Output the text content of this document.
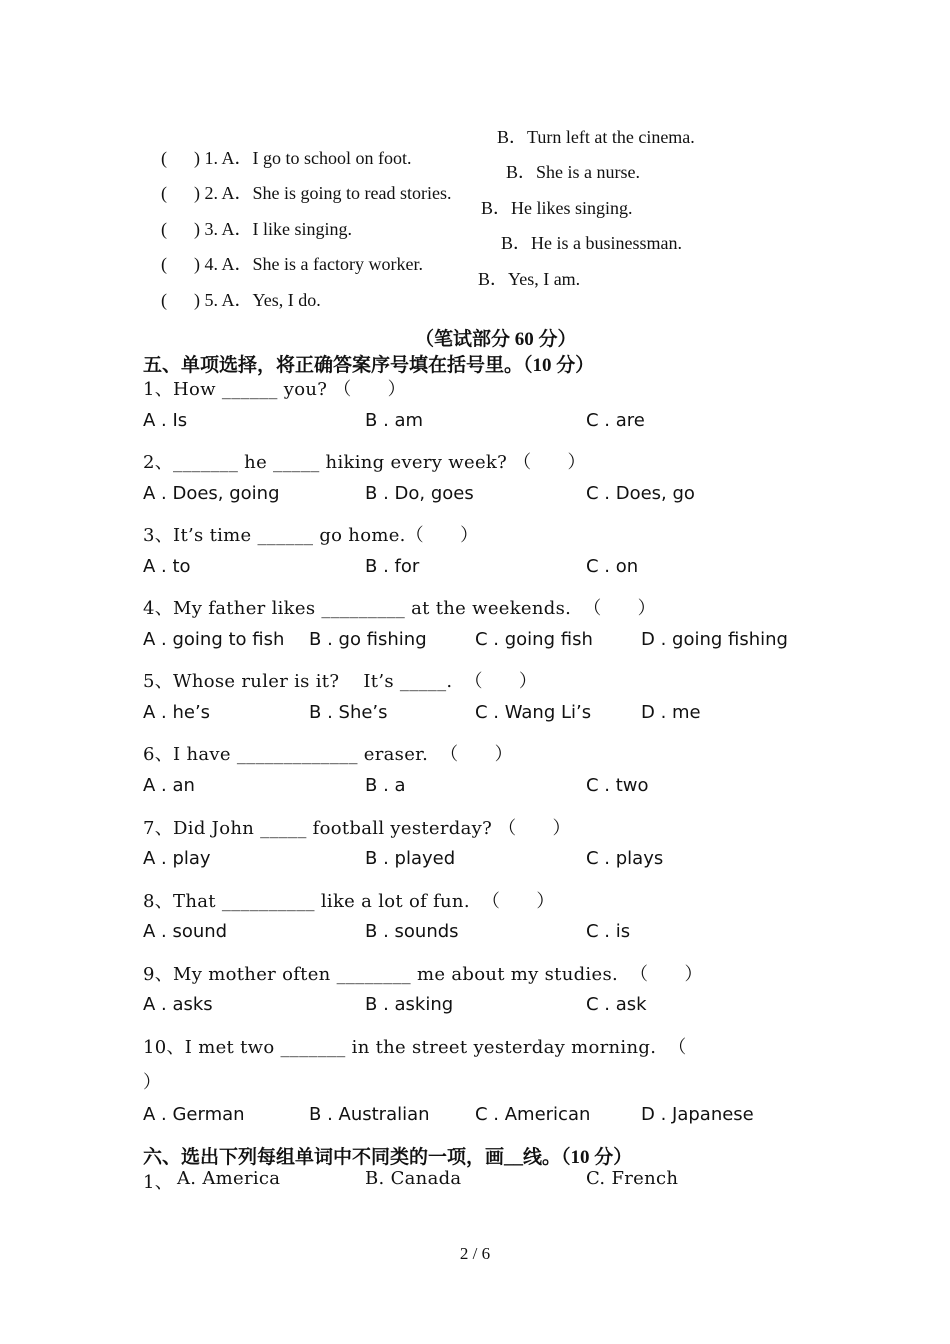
(      ) 1. A．I go to school on foot.

B．Turn left at the cinema.

(      ) 2. A．She is going to read stories.

B．She is a nurse.

(      ) 3. A．I like singing.

B．He likes singing.

(      ) 4. A．She is a factory worker.

B．He is a businessman.

(      ) 5. A．Yes, I do.

B．Yes, I am.
（笔试部分 60 分）
五、单项选择，将正确答案序号填在括号里。（10 分）
1、How ______ you? （      ）
A . Is	B . am	C . are
2、_______ he _____ hiking every week? （      ）
A . Does, going	B . Do, goes	C . Does, go
3、It’s time ______ go home.（      ）
A . to	B . for	C . on
4、My father likes _________ at the weekends.  （      ）
A . going to fish B . go fishing	C . going fish	D . going fishing
5、Whose ruler is it?    It’s _____.  （      ）
A . he’s	B . She’s	C . Wang Li’s	D . me
6、I have _____________ eraser.  （      ）
A . an	B . a	C . two
7、Did John _____ football yesterday? （      ）
A . play	B . played	C . plays
8、That __________ like a lot of fun.  （      ）
A . sound	B . sounds	C . is
9、My mother often ________ me about my studies.  （      ）
A . asks	B . asking	C . ask
10、I met two _______ in the street yesterday morning.  （
）
A . German	B . Australian	C . American	D . Japanese
六、选出下列每组单词中不同类的一项，画__线。（10 分）
1、 A. America	B. Canada	C. French
2 / 6
